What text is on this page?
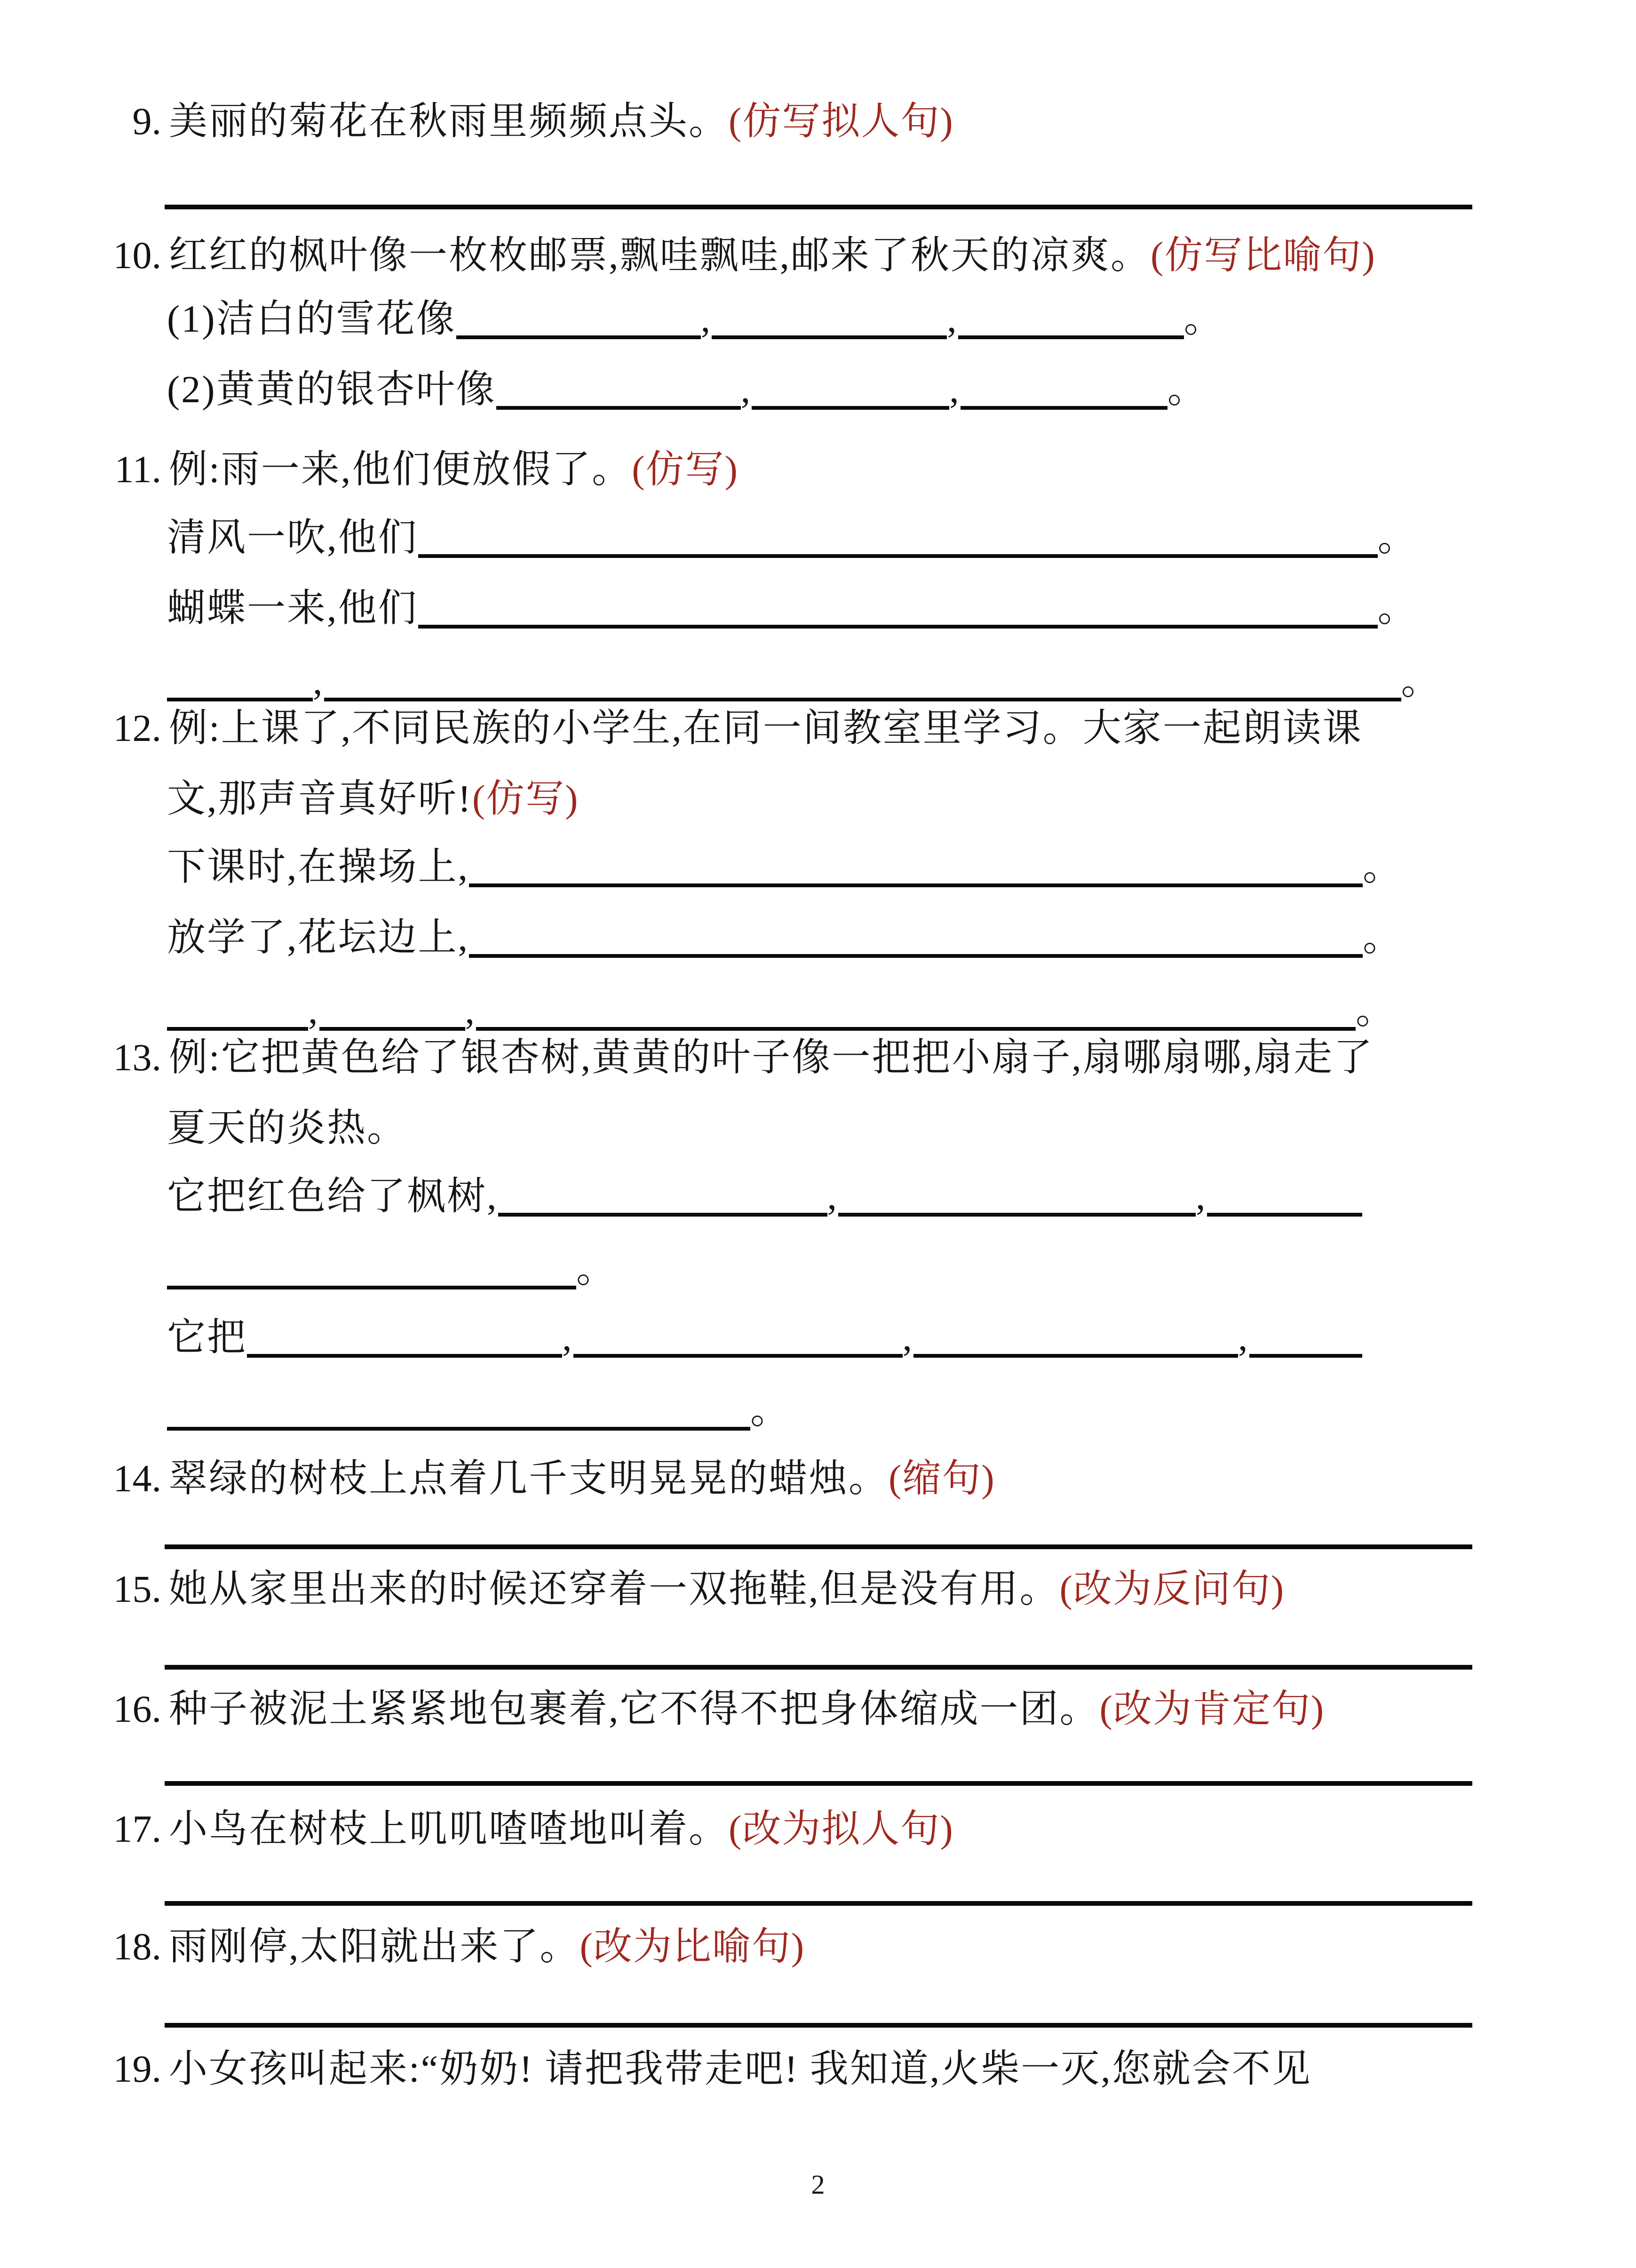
9. 美丽的菊花在秋雨里频频点头。(仿写拟人句)
10. 红红的枫叶像一枚枚邮票,飘哇飘哇,邮来了秋天的凉爽。(仿写比喻句)
(1)洁白的雪花像	,	,	。
(2)黄黄的银杏叶像	,	,	。
11. 例:雨一来,他们便放假了。(仿写)
清风一吹,他们	。
蝴蝶一来,他们	。
,	。
12. 例:上课了,不同民族的小学生,在同一间教室里学习。大家一起朗读课
文,那声音真好听!(仿写)
下课时,在操场上,	。
放学了,花坛边上,	。
,	,	。
13. 例:它把黄色给了银杏树,黄黄的叶子像一把把小扇子,扇哪扇哪,扇走了
夏天的炎热。
它把红色给了枫树,	,	,
。
它把	,	,	,
。
14. 翠绿的树枝上点着几千支明晃晃的蜡烛。(缩句)
15. 她从家里出来的时候还穿着一双拖鞋,但是没有用。(改为反问句)
16. 种子被泥土紧紧地包裹着,它不得不把身体缩成一团。(改为肯定句)
17. 小鸟在树枝上叽叽喳喳地叫着。(改为拟人句)
18. 雨刚停,太阳就出来了。(改为比喻句)
19. 小女孩叫起来:“奶奶! 请把我带走吧! 我知道,火柴一灭,您就会不见
2
